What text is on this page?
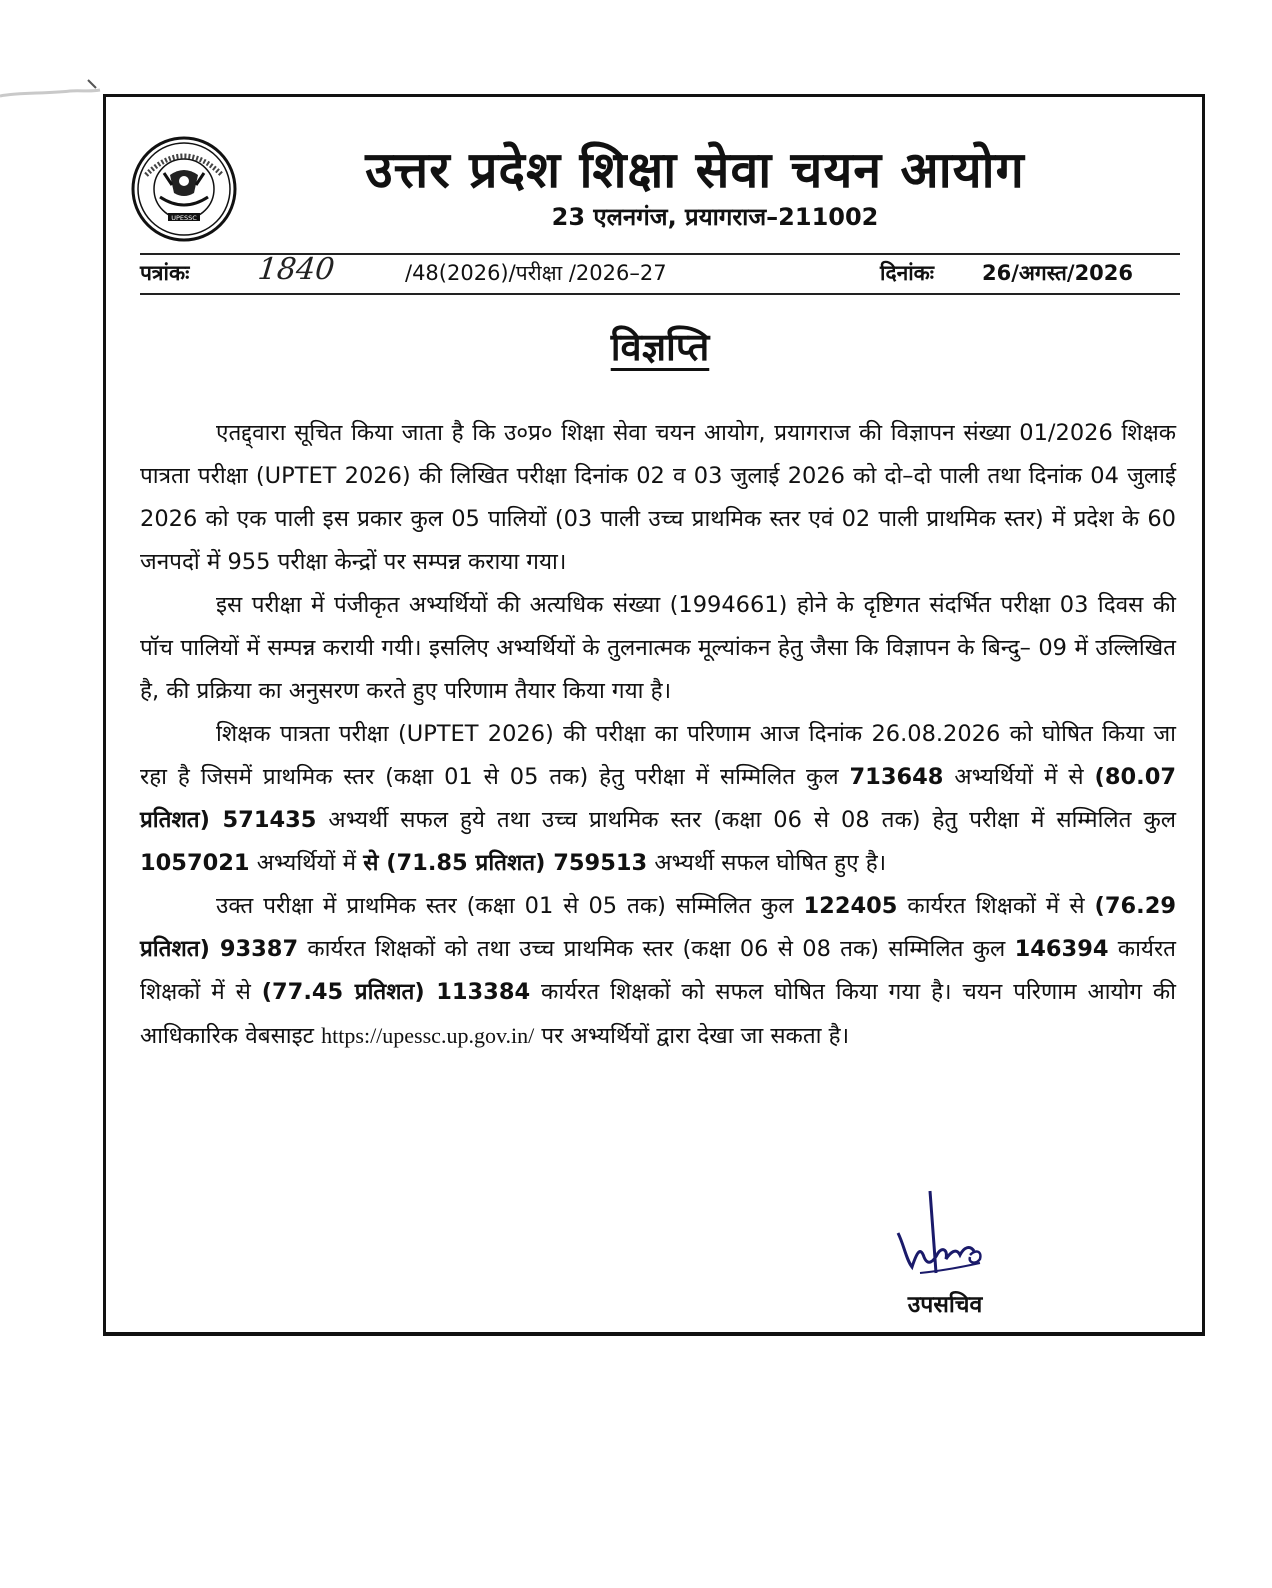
UPESSC
उत्तर प्रदेश शिक्षा सेवा चयन आयोग
23 एलनगंज, प्रयागराज–211002
पत्रांकः 1840	/48(2026)/परीक्षा /2026–27	दिनांकः 26/अगस्त/2026
विज्ञप्ति

एतद्द्वारा सूचित किया जाता है कि उ०प्र० शिक्षा सेवा चयन आयोग, प्रयागराज की विज्ञापन संख्या 01/2026 शिक्षक पात्रता परीक्षा (UPTET 2026) की लिखित परीक्षा दिनांक 02 व 03 जुलाई 2026 को दो–दो पाली तथा दिनांक 04 जुलाई 2026 को एक पाली इस प्रकार कुल 05 पालियों (03 पाली उच्च प्राथमिक स्तर एवं 02 पाली प्राथमिक स्तर) में प्रदेश के 60 जनपदों में 955 परीक्षा केन्द्रों पर सम्पन्न कराया गया।

इस परीक्षा में पंजीकृत अभ्यर्थियों की अत्यधिक संख्या (1994661) होने के दृष्टिगत संदर्भित परीक्षा 03 दिवस की पॉच पालियों में सम्पन्न करायी गयी। इसलिए अभ्यर्थियों के तुलनात्मक मूल्यांकन हेतु जैसा कि विज्ञापन के बिन्दु– 09 में उल्लिखित है, की प्रक्रिया का अनुसरण करते हुए परिणाम तैयार किया गया है।

शिक्षक पात्रता परीक्षा (UPTET 2026) की परीक्षा का परिणाम आज दिनांक 26.08.2026 को घोषित किया जा रहा है जिसमें प्राथमिक स्तर (कक्षा 01 से 05 तक) हेतु परीक्षा में सम्मिलित कुल 713648 अभ्यर्थियों में से (80.07 प्रतिशत) 571435 अभ्यर्थी सफल हुये तथा उच्च प्राथमिक स्तर (कक्षा 06 से 08 तक) हेतु परीक्षा में सम्मिलित कुल 1057021 अभ्यर्थियों में से (71.85 प्रतिशत) 759513 अभ्यर्थी सफल घोषित हुए है।

उक्त परीक्षा में प्राथमिक स्तर (कक्षा 01 से 05 तक) सम्मिलित कुल 122405 कार्यरत शिक्षकों में से (76.29 प्रतिशत) 93387 कार्यरत शिक्षकों को तथा उच्च प्राथमिक स्तर (कक्षा 06 से 08 तक) सम्मिलित कुल 146394 कार्यरत शिक्षकों में से (77.45 प्रतिशत) 113384 कार्यरत शिक्षकों को सफल घोषित किया गया है। चयन परिणाम आयोग की आधिकारिक वेबसाइट https://upessc.up.gov.in/ पर अभ्यर्थियों द्वारा देखा जा सकता है।

उपसचिव
